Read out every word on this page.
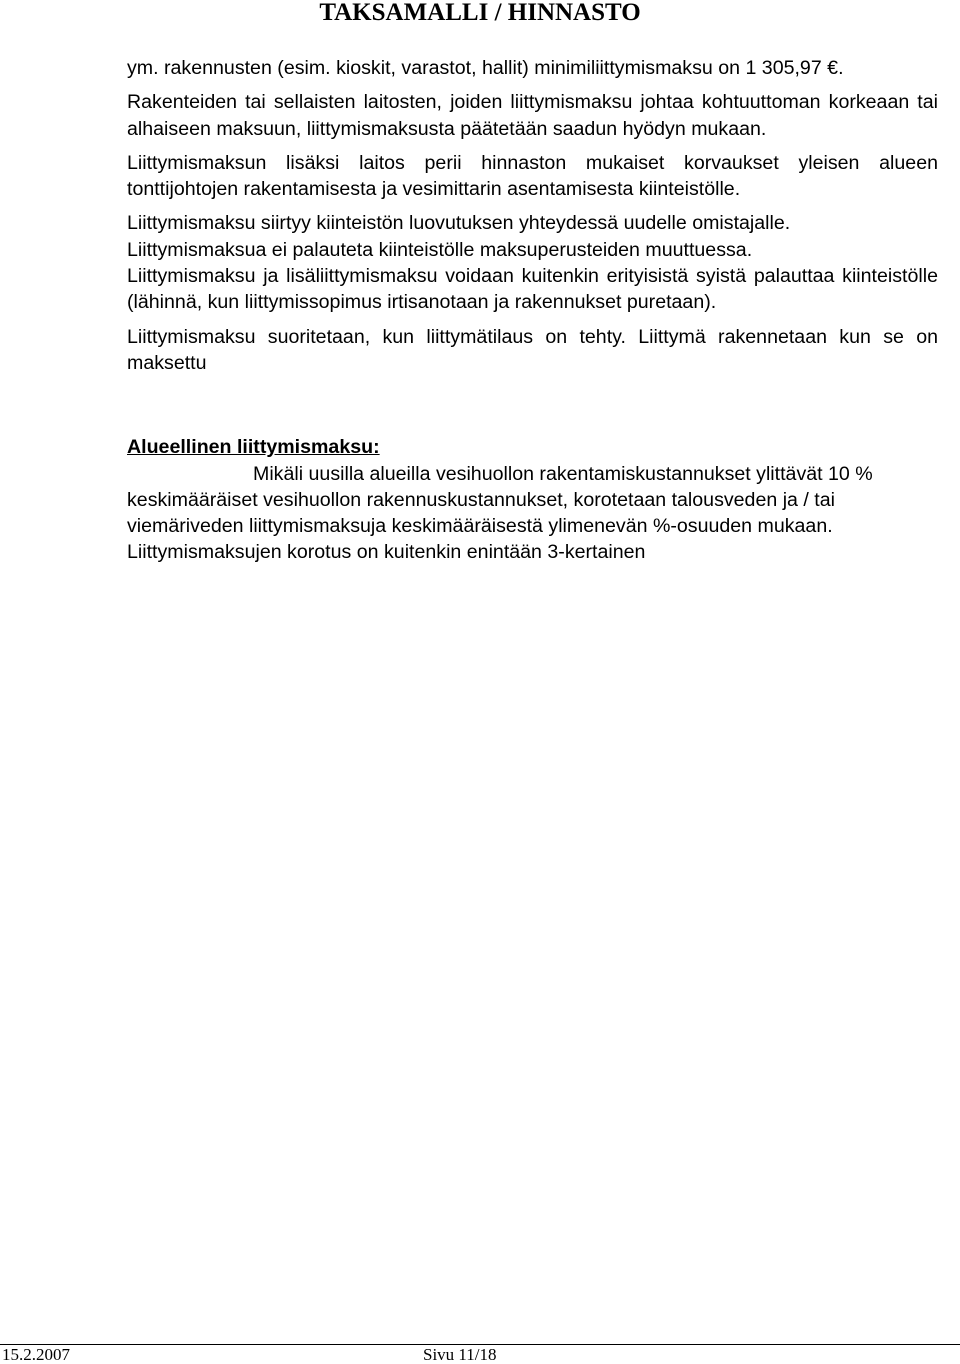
TAKSAMALLI / HINNASTO

ym. rakennusten (esim. kioskit, varastot, hallit) minimiliittymismaksu on 1 305,97 €.

Rakenteiden tai sellaisten laitosten, joiden liittymismaksu johtaa kohtuuttoman korkeaan tai alhaiseen maksuun, liittymismaksusta päätetään saadun hyödyn mukaan.

Liittymismaksun lisäksi laitos perii hinnaston mukaiset korvaukset yleisen alueen tonttijohtojen rakentamisesta ja vesimittarin asentamisesta kiinteistölle.

Liittymismaksu siirtyy kiinteistön luovutuksen yhteydessä uudelle omistajalle.

Liittymismaksua ei palauteta kiinteistölle maksuperusteiden muuttuessa.

Liittymismaksu ja lisäliittymismaksu voidaan kuitenkin erityisistä syistä palauttaa kiinteistölle (lähinnä, kun liittymissopimus irtisanotaan ja rakennukset puretaan).

Liittymismaksu suoritetaan, kun liittymätilaus on tehty. Liittymä rakennetaan kun se on maksettu

Alueellinen liittymismaksu:

Mikäli uusilla alueilla vesihuollon rakentamiskustannukset ylittävät 10 % keskimääräiset vesihuollon rakennuskustannukset, korotetaan talousveden ja / tai viemäriveden liittymismaksuja keskimääräisestä ylimenevän %-osuuden mukaan. Liittymismaksujen korotus on kuitenkin enintään 3-kertainen

15.2.2007	Sivu 11/18
